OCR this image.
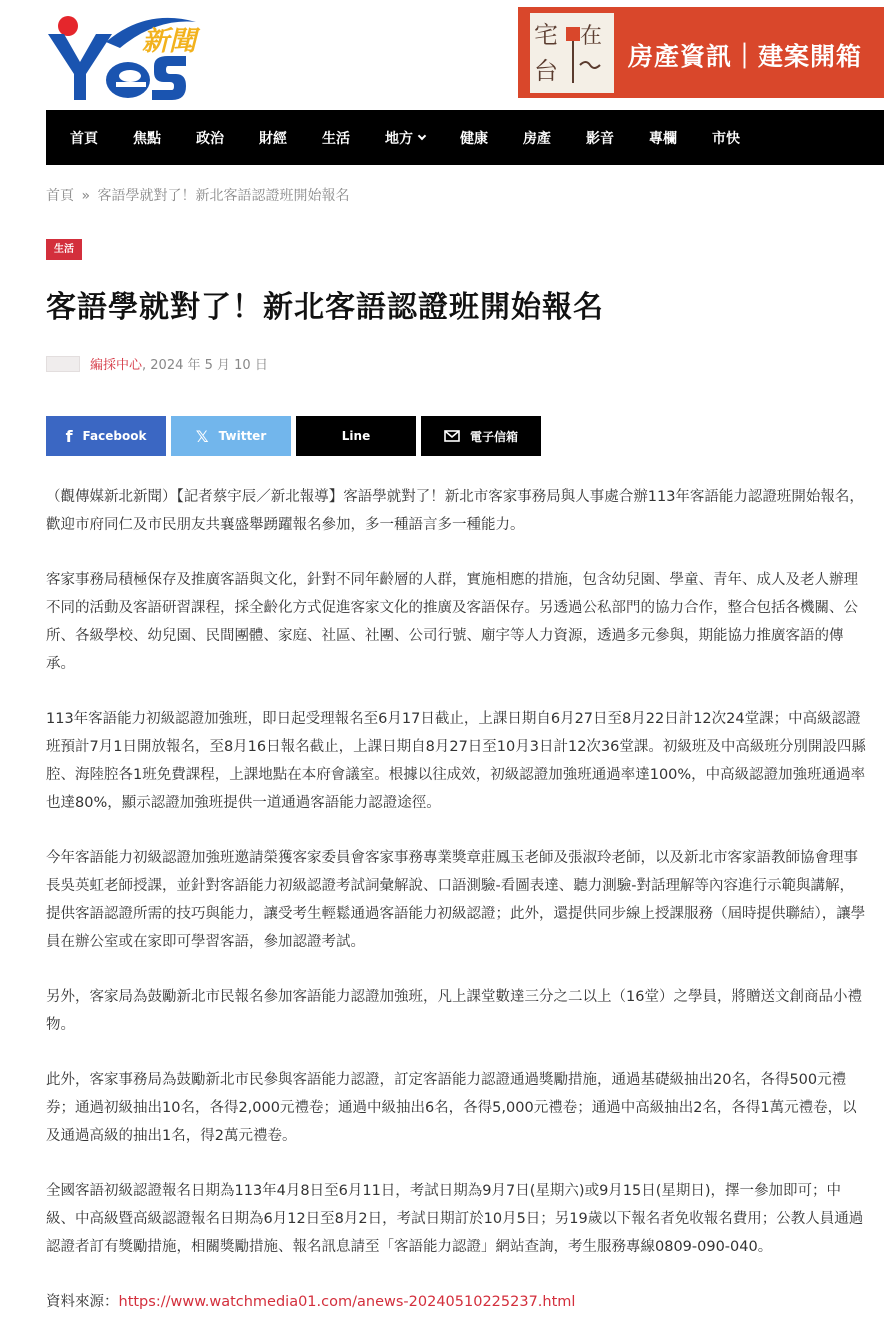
新聞	宅 在
台	房產資訊｜建案開箱
首頁	焦點	政治	財經	生活	地方	健康	房產	影音	專欄	市快
首頁 » 客語學就對了！新北客語認證班開始報名
生活
客語學就對了！新北客語認證班開始報名
編採中心 , 2024 年 5 月 10 日
f Facebook	𝕏 Twitter	Line	電子信箱

（觀傳媒新北新聞）【記者蔡宇辰／新北報導】客語學就對了！新北市客家事務局與人事處合辦113年客語能力認證班開始報名，歡迎市府同仁及市民朋友共襄盛舉踴躍報名參加，多一種語言多一種能力。

客家事務局積極保存及推廣客語與文化，針對不同年齡層的人群，實施相應的措施，包含幼兒園、學童、青年、成人及老人辦理不同的活動及客語研習課程，採全齡化方式促進客家文化的推廣及客語保存。另透過公私部門的協力合作，整合包括各機關、公所、各級學校、幼兒園、民間團體、家庭、社區、社團、公司行號、廟宇等人力資源，透過多元參與，期能協力推廣客語的傳承。

113年客語能力初級認證加強班，即日起受理報名至6月17日截止，上課日期自6月27日至8月22日計12次24堂課；中高級認證班預計7月1日開放報名，至8月16日報名截止，上課日期自8月27日至10月3日計12次36堂課。初級班及中高級班分別開設四縣腔、海陸腔各1班免費課程，上課地點在本府會議室。根據以往成效，初級認證加強班通過率達100%，中高級認證加強班通過率也達80%，顯示認證加強班提供一道通過客語能力認證途徑。

今年客語能力初級認證加強班邀請榮獲客家委員會客家事務專業獎章莊鳳玉老師及張淑玲老師，以及新北市客家語教師協會理事長吳英虹老師授課，並針對客語能力初級認證考試詞彙解說、口語測驗-看圖表達、聽力測驗-對話理解等內容進行示範與講解，提供客語認證所需的技巧與能力，讓受考生輕鬆通過客語能力初級認證；此外，還提供同步線上授課服務（屆時提供聯結），讓學員在辦公室或在家即可學習客語，參加認證考試。

另外，客家局為鼓勵新北市民報名參加客語能力認證加強班，凡上課堂數達三分之二以上（16堂）之學員，將贈送文創商品小禮物。

此外，客家事務局為鼓勵新北市民參與客語能力認證，訂定客語能力認證通過獎勵措施，通過基礎級抽出20名，各得500元禮券；通過初級抽出10名，各得2,000元禮卷；通過中級抽出6名，各得5,000元禮卷；通過中高級抽出2名，各得1萬元禮卷，以及通過高級的抽出1名，得2萬元禮卷。

全國客語初級認證報名日期為113年4月8日至6月11日，考試日期為9月7日(星期六)或9月15日(星期日)，擇一參加即可；中級、中高級暨高級認證報名日期為6月12日至8月2日，考試日期訂於10月5日；另19歲以下報名者免收報名費用；公教人員通過認證者訂有獎勵措施，相關獎勵措施、報名訊息請至「客語能力認證」網站查詢，考生服務專線0809-090-040。

資料來源：https://www.watchmedia01.com/anews-20240510225237.html
